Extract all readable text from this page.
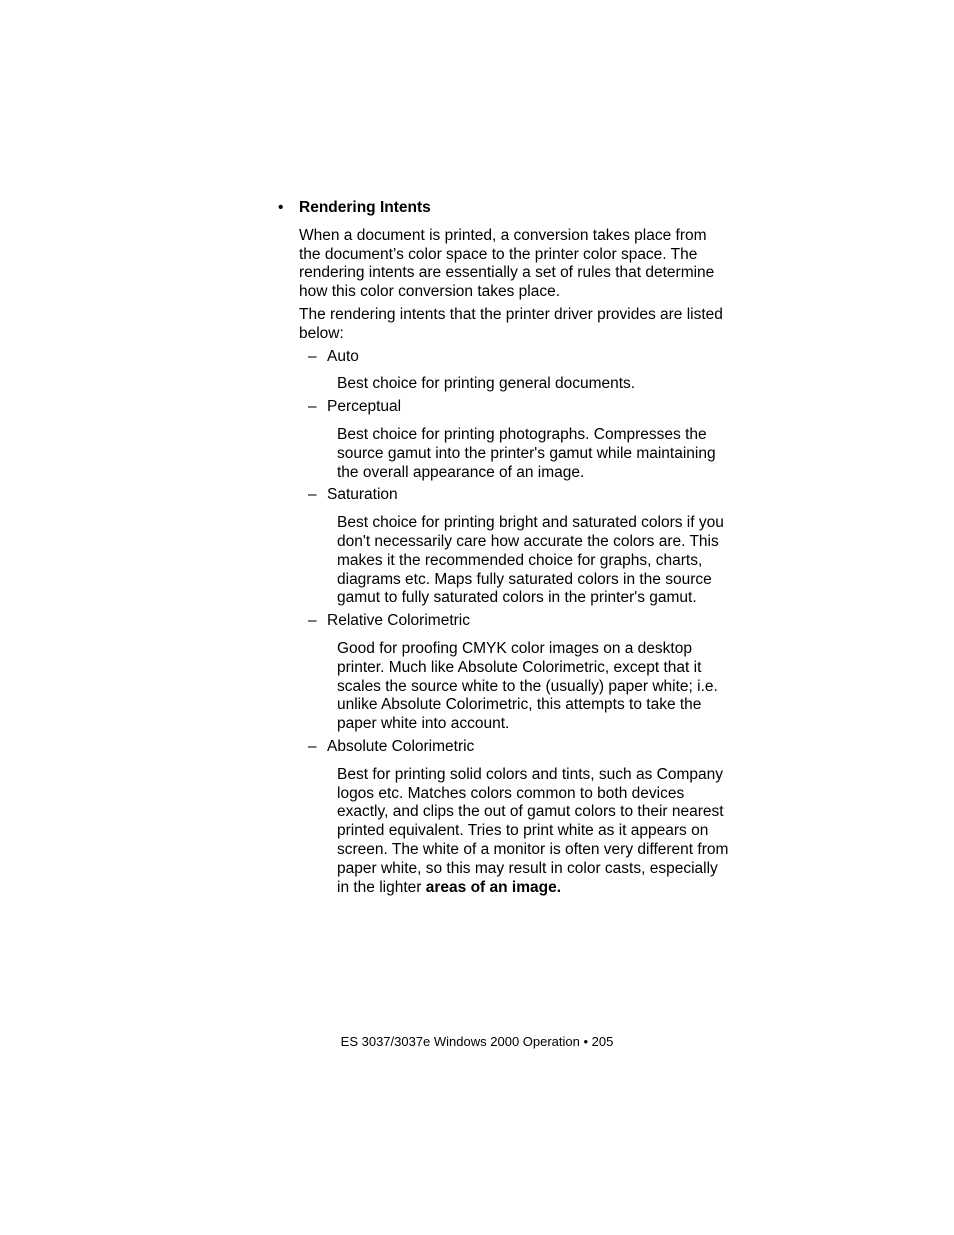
• Rendering Intents

When a document is printed, a conversion takes place from the document’s color space to the printer color space. The rendering intents are essentially a set of rules that determine how this color conversion takes place.

The rendering intents that the printer driver provides are listed below:

– Auto

Best choice for printing general documents.

– Perceptual

Best choice for printing photographs. Compresses the source gamut into the printer's gamut while maintaining the overall appearance of an image.

– Saturation

Best choice for printing bright and saturated colors if you don't necessarily care how accurate the colors are. This makes it the recommended choice for graphs, charts, diagrams etc. Maps fully saturated colors in the source gamut to fully saturated colors in the printer's gamut.

– Relative Colorimetric

Good for proofing CMYK color images on a desktop printer. Much like Absolute Colorimetric, except that it scales the source white to the (usually) paper white; i.e. unlike Absolute Colorimetric, this attempts to take the paper white into account.

– Absolute Colorimetric

Best for printing solid colors and tints, such as Company logos etc. Matches colors common to both devices exactly, and clips the out of gamut colors to their nearest printed equivalent. Tries to print white as it appears on screen. The white of a monitor is often very different from paper white, so this may result in color casts, especially in the lighter areas of an image.

ES 3037/3037e Windows 2000 Operation • 205
